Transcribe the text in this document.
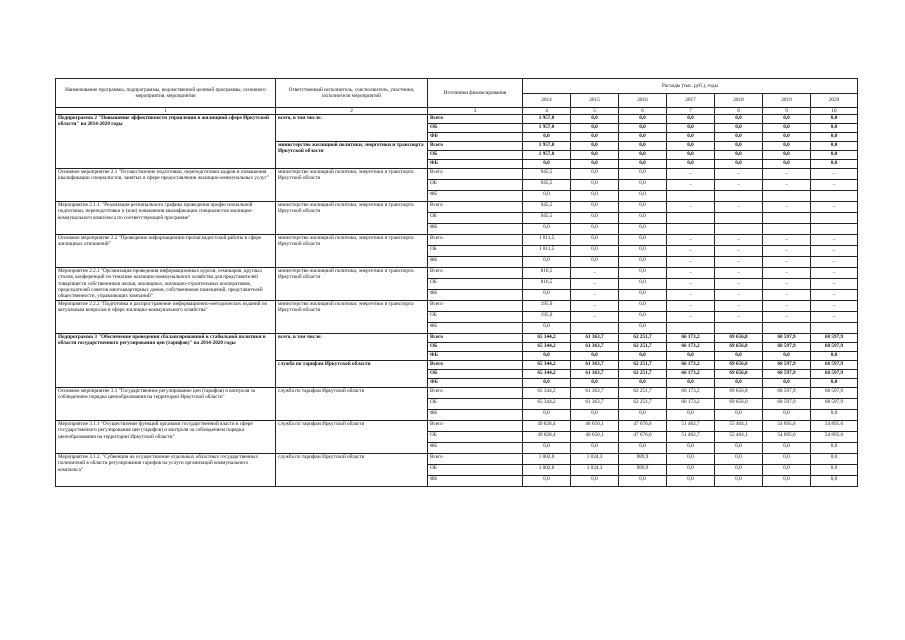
Наименование программы, подпрограммы, ведомственной целевой программы, основного мероприятия, мероприятия	Ответственный исполнитель, соисполнитель, участники, исполнители мероприятий	Источники финансирования	Расходы (тыс. руб.), годы						
			2014	2015	2016	2017	2018	2019	2020
1	2	3	4	5	6	7	8	9	10
Подпрограмма 2 "Повышение эффективности управления в жилищной сфере Иркутской области" на 2014-2020 годы	всего, в том числе:	Всего	1 957,0	0,0	0,0	0,0	0,0	0,0	0,0
		ОБ	1 957,0	0,0	0,0	0,0	0,0	0,0	0,0
		ФБ	0,0	0,0	0,0	0,0	0,0	0,0	0,0
	министерство жилищной политики, энергетики и транспорта Иркутской области	Всего	1 957,0	0,0	0,0	0,0	0,0	0,0	0,0
		ОБ	1 957,0	0,0	0,0	0,0	0,0	0,0	0,0
		ФБ	0,0	0,0	0,0	0,0	0,0	0,0	0,0
Основное мероприятие 2.1 "Осуществление подготовки, переподготовки кадров и повышения квалификации специалистов, занятых в сфере предоставления жилищно-коммунальных услуг"	министерство жилищной политики, энергетики и транспорта Иркутской области	Всего	945,5	0,0	0,0	_	_	_	_
		ОБ	945,5	0,0	0,0	_	_	_	_
		ФБ	0,0	0,0	0,0				
Мероприятие 2.1.1. "Реализация регионального графика проведения профессиональной подготовки, переподготовки и (или) повышения квалификации специалистов жилищно-коммунального комплекса по соответствующей программе"	министерство жилищной политики, энергетики и транспорта Иркутской области	Всего	945,5	0,0	0,0	_	_	_	_
		ОБ	945,5	0,0	0,0				
		ФБ	0,0	0,0	0,0				
Основное мероприятие 2.2 "Проведение информационно-пропагандистской работы в сфере жилищных отношений"	министерство жилищной политики, энергетики и транспорта Иркутской области	Всего	1 011,5	0,0	0,0	_	_	_	_
		ОБ	1 011,5	0,0	0,0	_	_	_	_
		ФБ	0,0	0,0	0,0	_	_	_	_
Мероприятие 2.2.1 "Организация проведения информационных курсов, семинаров, круглых столов, конференций по тематике жилищно-коммунального хозяйства для представителей товариществ собственников жилья, жилищных, жилищно-строительных кооперативов, председателей советов многоквартирных домов, собственников помещений, представителей общественности, управляющих компаний"	министерство жилищной политики, энергетики и транспорта Иркутской области	Всего	816,5	_	0,0	_	_	_	_
		ОБ	816,5	_	0,0	_	_	_	_
		ФБ	0,0	_	0,0	_	_	_	_
Мероприятие 2.2.2 "Подготовка и распространение информационно-методических изданий по актуальным вопросам в сфере жилищно-коммунального хозяйства"	министерство жилищной политики, энергетики и транспорта Иркутской области	Всего	195,0	_	0,0	_	_	_	_
		ОБ	195,0	_	0,0	_	_	_	_
		ФБ	0,0		0,0				
Подпрограмма 3 "Обеспечение проведения сбалансированной и стабильной политики в области государственного регулирования цен (тарифов)" на 2014-2020 годы	всего, в том числе:	Всего	65 344,2	61 363,7	62 251,7	66 173,2	69 656,0	68 597,9	68 597,9
		ОБ	65 344,2	61 363,7	62 251,7	66 173,2	69 656,0	68 597,9	68 597,9
		ФБ	0,0	0,0	0,0	0,0	0,0	0,0	0,0
	служба по тарифам Иркутской области	Всего	65 344,2	61 363,7	62 251,7	66 173,2	69 656,0	68 597,9	68 597,9
		ОБ	65 344,2	61 363,7	62 251,7	66 173,2	69 656,0	68 597,9	68 597,9
		ФБ	0,0	0,0	0,0	0,0	0,0	0,0	0,0
Основное мероприятие 3.1 "Государственное регулирование цен (тарифов) и контроля за соблюдением порядка ценообразования на территории Иркутской области"	служба по тарифам Иркутской области	Всего	65 344,2	61 363,7	62 251,7	66 173,2	69 656,0	68 597,9	68 597,9
		ОБ	65 344,2	61 363,7	62 251,7	66 173,2	69 656,0	68 597,9	68 597,9
		ФБ	0,0	0,0	0,0	0,0	0,0	0,0	0,0
Мероприятие 3.1.1 "Осуществление функций органами государственной власти в сфере государственного регулирования цен (тарифов) и контроля за соблюдением порядка ценообразования на территории Иркутской области"	служба по тарифам Иркутской области	Всего	49 828,4	46 650,1	47 676,6	51 462,7	55 404,1	54 895,6	54 895,6
		ОБ	49 828,4	46 650,1	47 676,6	51 462,7	55 404,1	54 895,6	54 895,6
		ФБ	0,0	0,0	0,0	0,0	0,0	0,0	0,0
Мероприятие 3.1.2. "Субвенция на осуществление отдельных областных государственных полномочий в области регулирования тарифов на услуги организаций коммунального комплекса"	служба по тарифам Иркутской области	Всего	1 002,0	1 034,3	989,9	0,0	0,0	0,0	0,0
		ОБ	1 002,0	1 034,3	989,9	0,0	0,0	0,0	0,0
		ФБ	0,0	0,0	0,0	0,0	0,0	0,0	0,0
